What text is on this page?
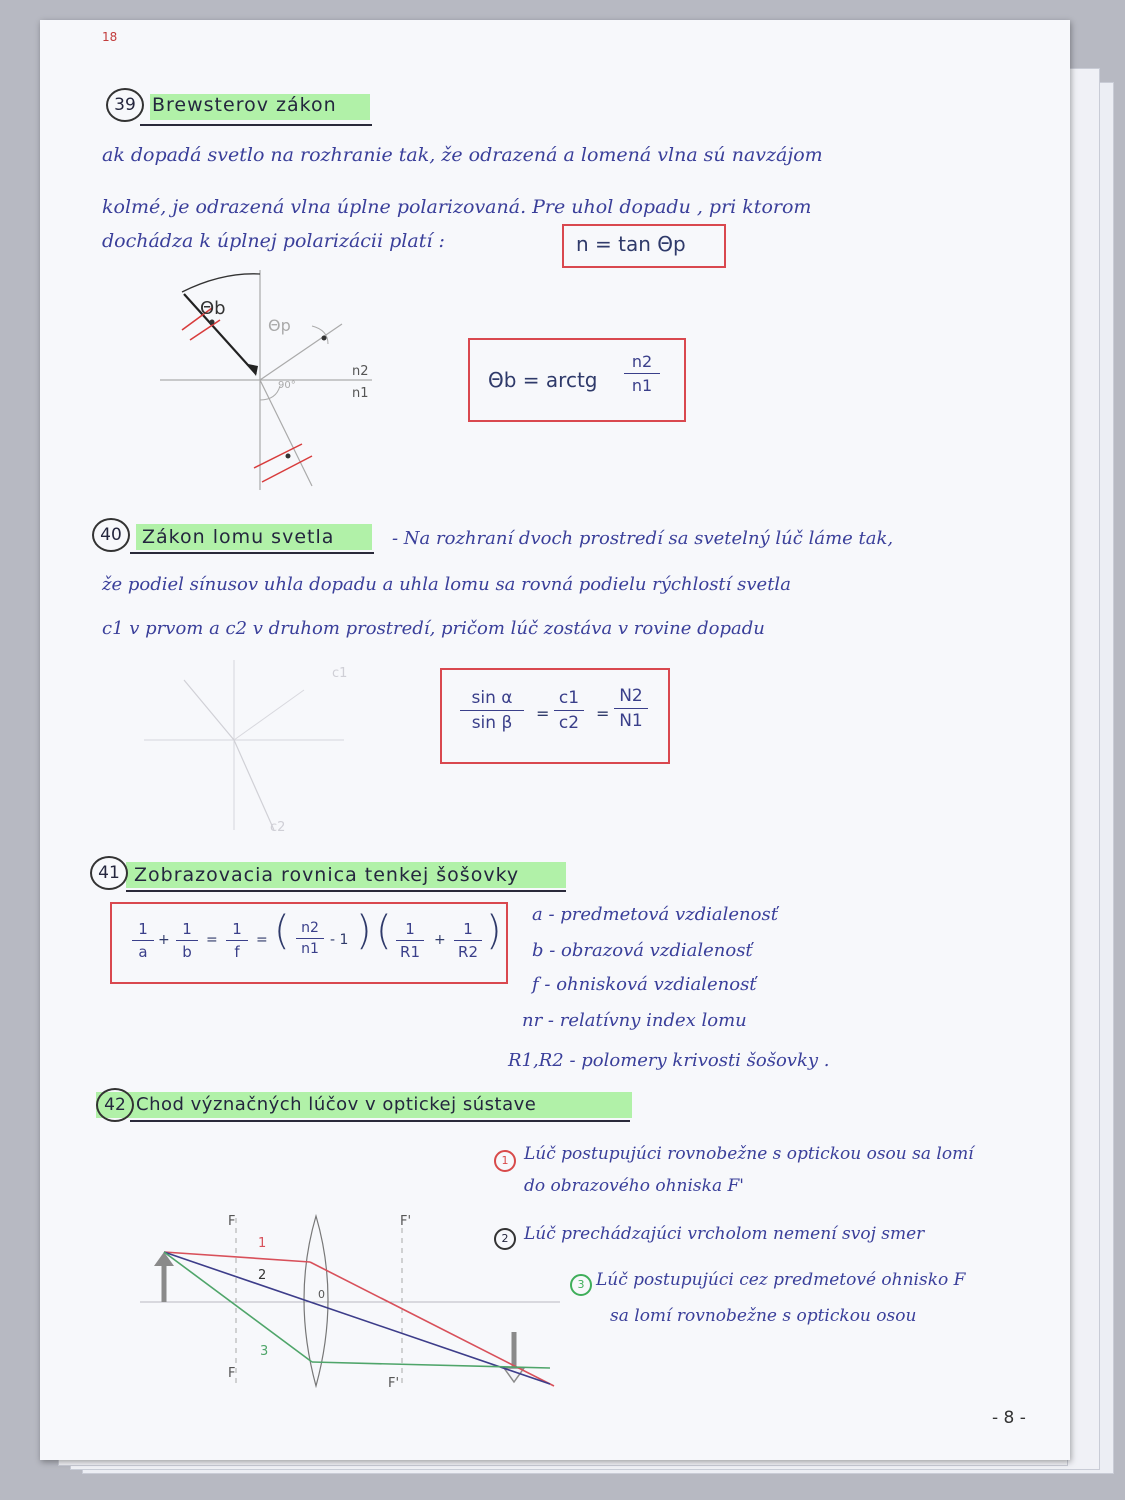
18
39 Brewsterov zákon
ak dopadá svetlo na rozhranie tak, že odrazená a lomená vlna sú navzájom
kolmé, je odrazená vlna úplne polarizovaná. Pre uhol dopadu , pri ktorom
dochádza k úplnej polarizácii platí :	n = tan Θp
Θb
Θp
n2
n1
90°	Θb = arctg
n2
n1
40	Zákon lomu svetla	- Na rozhraní dvoch prostredí sa svetelný lúč láme tak,
že podiel sínusov uhla dopadu a uhla lomu sa rovná podielu rýchlostí svetla
c1 v prvom a c2 v druhom prostredí, pričom lúč zostáva v rovine dopadu
c1
c2
sin α
sin β	=
c1
c2	=
N2
N1
41 Zobrazovacia rovnica tenkej šošovky
1
a
+
1
b
=
1
f
= ( n2
n1
- 1 ) ( 1
R1
+
1
R2 ) a - predmetová vzdialenosť
b - obrazová vzdialenosť
f - ohnisková vzdialenosť
nr - relatívny index lomu
R1,R2 - polomery krivosti šošovky .
42 Chod význačných lúčov v optickej sústave
1 Lúč postupujúci rovnobežne s optickou osou sa lomí
do obrazového ohniska F'
2 Lúč prechádzajúci vrcholom nemení svoj smer
3 Lúč postupujúci cez predmetové ohnisko F
sa lomí rovnobežne s optickou osou
F	F'
F
F'
1
2
3
0
- 8 -
